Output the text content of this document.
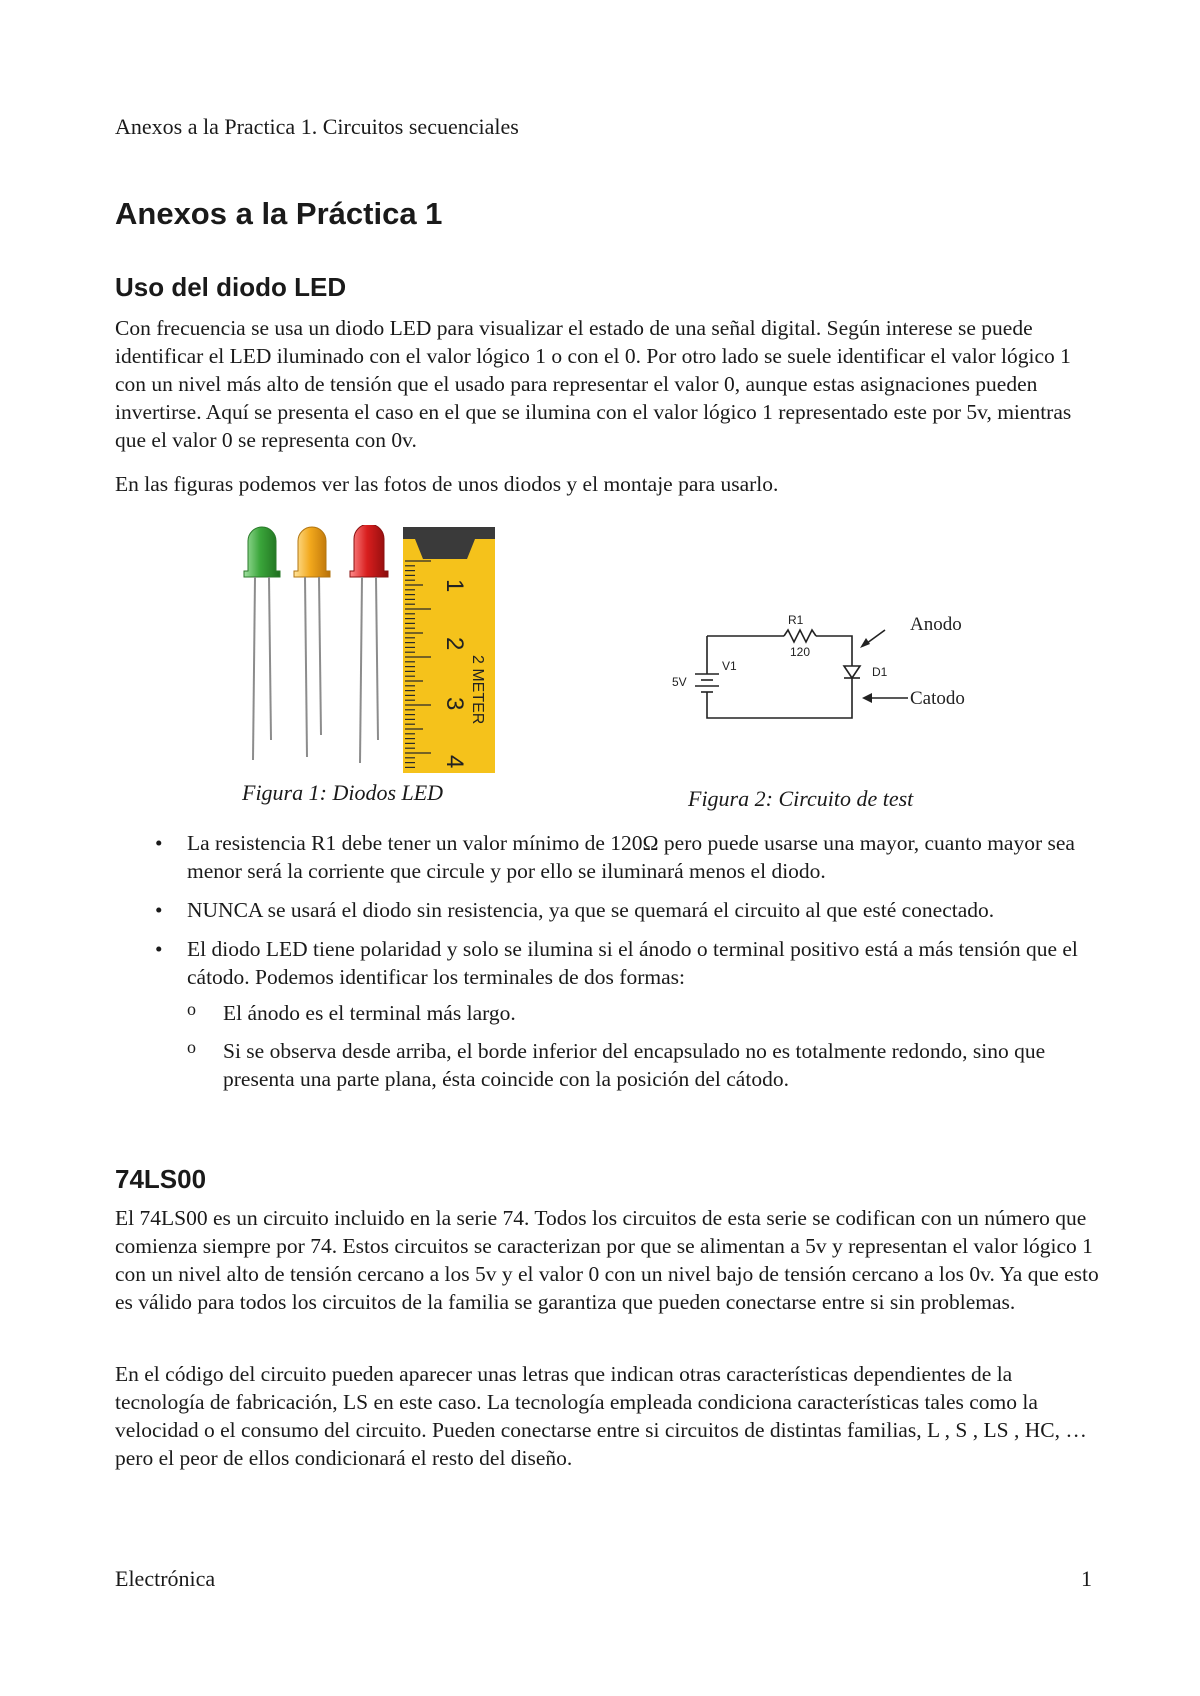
Anexos a la Practica 1. Circuitos secuenciales
Anexos a la Práctica 1
Uso del diodo LED

Con frecuencia se usa un diodo LED para visualizar el estado de una señal digital. Según interese se puede identificar el LED iluminado con el valor lógico 1 o con el 0. Por otro lado se suele identificar el valor lógico 1 con un nivel más alto de tensión que el usado para representar el valor 0, aunque estas asignaciones pueden invertirse. Aquí se presenta el caso en el que se ilumina con el valor lógico 1 representado este por 5v, mientras que el valor 0 se representa con 0v.

En las figuras podemos ver las fotos de unos diodos y el montaje para usarlo.

1
2
3
4
2 METER
Figura 1: Diodos LED
R1
120
V1
5V
D1
Anodo
Catodo
Figura 2: Circuito de test
• La resistencia R1 debe tener un valor mínimo de 120Ω pero puede usarse una mayor, cuanto mayor sea menor será la corriente que circule y por ello se iluminará menos el diodo.
• NUNCA se usará el diodo sin resistencia, ya que se quemará el circuito al que esté conectado.
• El diodo LED tiene polaridad y solo se ilumina si el ánodo o terminal positivo está a más tensión que el cátodo. Podemos identificar los terminales de dos formas:
o El ánodo es el terminal más largo.
o Si se observa desde arriba, el borde inferior del encapsulado no es totalmente redondo, sino que presenta una parte plana, ésta coincide con la posición del cátodo.
74LS00

El 74LS00 es un circuito incluido en la serie 74. Todos los circuitos de esta serie se codifican con un número que comienza siempre por 74. Estos circuitos se caracterizan por que se alimentan a 5v y representan el valor lógico 1 con un nivel alto de tensión cercano a los 5v y el valor 0 con un nivel bajo de tensión cercano a los 0v. Ya que esto es válido para todos los circuitos de la familia se garantiza que pueden conectarse entre si sin problemas.

En el código del circuito pueden aparecer unas letras que indican otras características dependientes de la tecnología de fabricación, LS en este caso. La tecnología empleada condiciona características tales como la velocidad o el consumo del circuito. Pueden conectarse entre si circuitos de distintas familias, L , S , LS , HC, … pero el peor de ellos condicionará el resto del diseño.

Electrónica	1
